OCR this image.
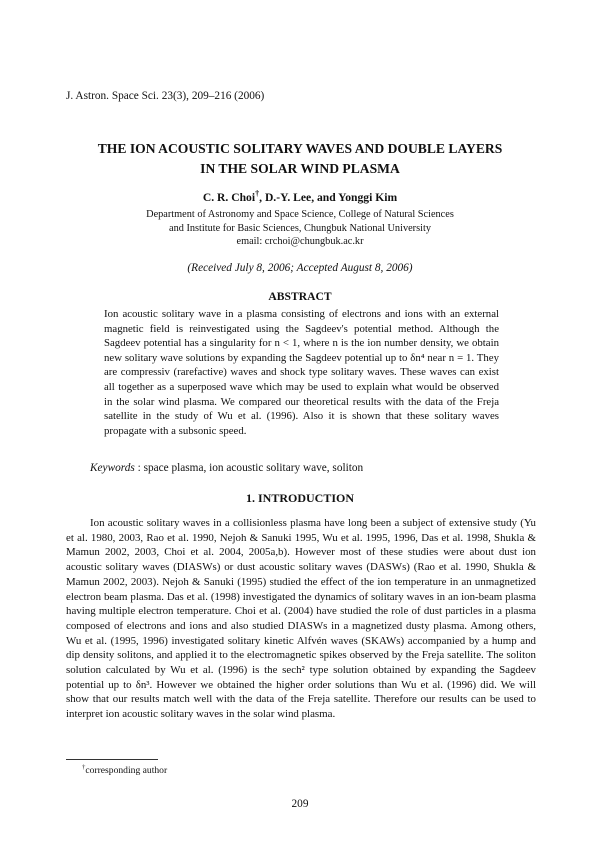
J. Astron. Space Sci. 23(3), 209–216 (2006)
THE ION ACOUSTIC SOLITARY WAVES AND DOUBLE LAYERS
IN THE SOLAR WIND PLASMA
C. R. Choi†, D.-Y. Lee, and Yonggi Kim
Department of Astronomy and Space Science, College of Natural Sciences
and Institute for Basic Sciences, Chungbuk National University
email: crchoi@chungbuk.ac.kr
(Received July 8, 2006; Accepted August 8, 2006)
ABSTRACT

Ion acoustic solitary wave in a plasma consisting of electrons and ions with an external magnetic field is reinvestigated using the Sagdeev's potential method. Although the Sagdeev potential has a singularity for n < 1, where n is the ion number density, we obtain new solitary wave solutions by expanding the Sagdeev potential up to δn⁴ near n = 1. They are compressiv (rarefactive) waves and shock type solitary waves. These waves can exist all together as a superposed wave which may be used to explain what would be observed in the solar wind plasma. We compared our theoretical results with the data of the Freja satellite in the study of Wu et al. (1996). Also it is shown that these solitary waves propagate with a subsonic speed.

Keywords : space plasma, ion acoustic solitary wave, soliton
1. INTRODUCTION

Ion acoustic solitary waves in a collisionless plasma have long been a subject of extensive study (Yu et al. 1980, 2003, Rao et al. 1990, Nejoh & Sanuki 1995, Wu et al. 1995, 1996, Das et al. 1998, Shukla & Mamun 2002, 2003, Choi et al. 2004, 2005a,b). However most of these studies were about dust ion acoustic solitary waves (DIASWs) or dust acoustic solitary waves (DASWs) (Rao et al. 1990, Shukla & Mamun 2002, 2003). Nejoh & Sanuki (1995) studied the effect of the ion temperature in an unmagnetized electron beam plasma. Das et al. (1998) investigated the dynamics of solitary waves in an ion-beam plasma having multiple electron temperature. Choi et al. (2004) have studied the role of dust particles in a plasma composed of electrons and ions and also studied DIASWs in a magnetized dusty plasma. Among others, Wu et al. (1995, 1996) investigated solitary kinetic Alfvén waves (SKAWs) accompanied by a hump and dip density solitons, and applied it to the electromagnetic spikes observed by the Freja satellite. The soliton solution calculated by Wu et al. (1996) is the sech² type solution obtained by expanding the Sagdeev potential up to δn³. However we obtained the higher order solutions than Wu et al. (1996) did. We will show that our results match well with the data of the Freja satellite. Therefore our results can be used to interpret ion acoustic solitary waves in the solar wind plasma.

†corresponding author
209
